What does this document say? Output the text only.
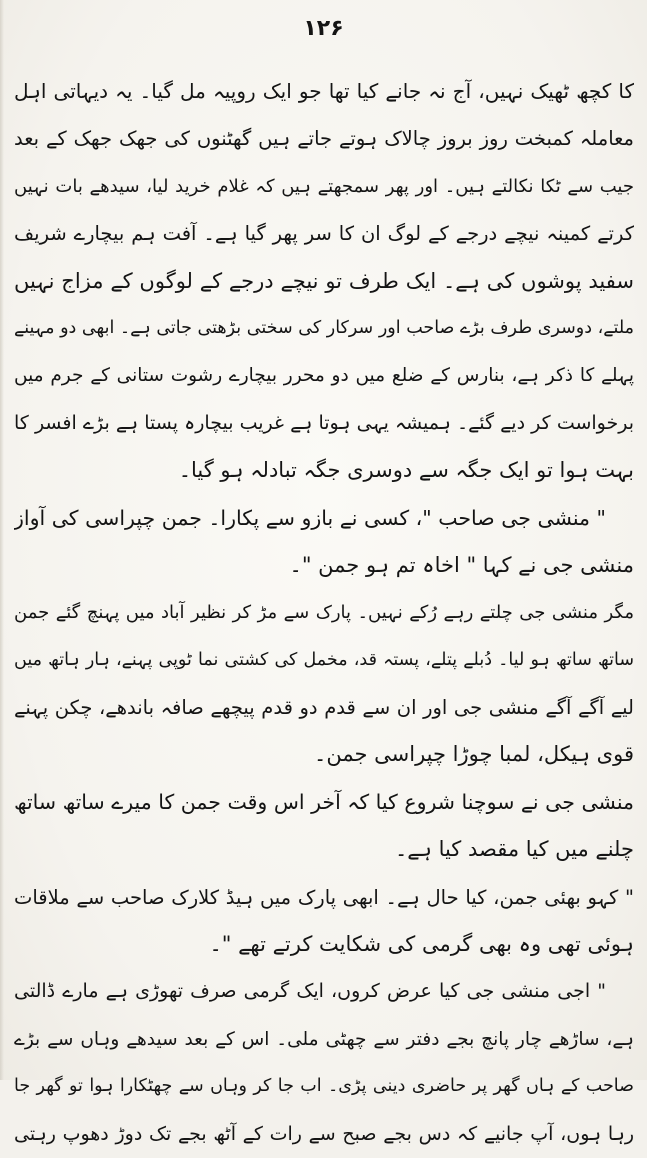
۱۲۶
کا کچھ ٹھیک نہیں، آج نہ جانے کیا تھا جو ایک روپیہ مل گیا۔ یہ دیہاتی اہل
معاملہ کمبخت روز بروز چالاک ہوتے جاتے ہیں گھٹنوں کی جھک جھک کے بعد
جیب سے ٹکا نکالتے ہیں۔ اور پھر سمجھتے ہیں کہ غلام خرید لیا، سیدھے بات نہیں
کرتے کمینہ نیچے درجے کے لوگ ان کا سر پھر گیا ہے۔ آفت ہم بیچارے شریف
سفید پوشوں کی ہے۔ ایک طرف تو نیچے درجے کے لوگوں کے مزاج نہیں
ملتے، دوسری طرف بڑے صاحب اور سرکار کی سختی بڑھتی جاتی ہے۔ ابھی دو مہینے
پہلے کا ذکر ہے، بنارس کے ضلع میں دو محرر بیچارے رشوت ستانی کے جرم میں
برخواست کر دیے گئے۔ ہمیشہ یہی ہوتا ہے غریب بیچارہ پستا ہے بڑے افسر کا
بہت ہوا تو ایک جگہ سے دوسری جگہ تبادلہ ہو گیا۔
" منشی جی صاحب "، کسی نے بازو سے پکارا۔ جمن چپراسی کی آواز
منشی جی نے کہا " اخاہ تم ہو جمن "۔
مگر منشی جی چلتے رہے رُکے نہیں۔ پارک سے مڑ کر نظیر آباد میں پہنچ گئے جمن
ساتھ ساتھ ہو لیا۔ دُبلے پتلے، پستہ قد، مخمل کی کشتی نما ٹوپی پہنے، ہار ہاتھ میں
لیے آگے آگے منشی جی اور ان سے قدم دو قدم پیچھے صافہ باندھے، چکن پہنے
قوی ہیکل، لمبا چوڑا چپراسی جمن۔
منشی جی نے سوچنا شروع کیا کہ آخر اس وقت جمن کا میرے ساتھ ساتھ
چلنے میں کیا مقصد کیا ہے۔
" کہو بھئی جمن، کیا حال ہے۔ ابھی پارک میں ہیڈ کلارک صاحب سے ملاقات
ہوئی تھی وہ بھی گرمی کی شکایت کرتے تھے "۔
" اجی منشی جی کیا عرض کروں، ایک گرمی صرف تھوڑی ہے مارے ڈالتی
ہے، ساڑھے چار پانچ بجے دفتر سے چھٹی ملی۔ اس کے بعد سیدھے وہاں سے بڑے
صاحب کے ہاں گھر پر حاضری دینی پڑی۔ اب جا کر وہاں سے چھٹکارا ہوا تو گھر جا
رہا ہوں، آپ جانیے کہ دس بجے صبح سے رات کے آٹھ بجے تک دوڑ دھوپ رہتی
